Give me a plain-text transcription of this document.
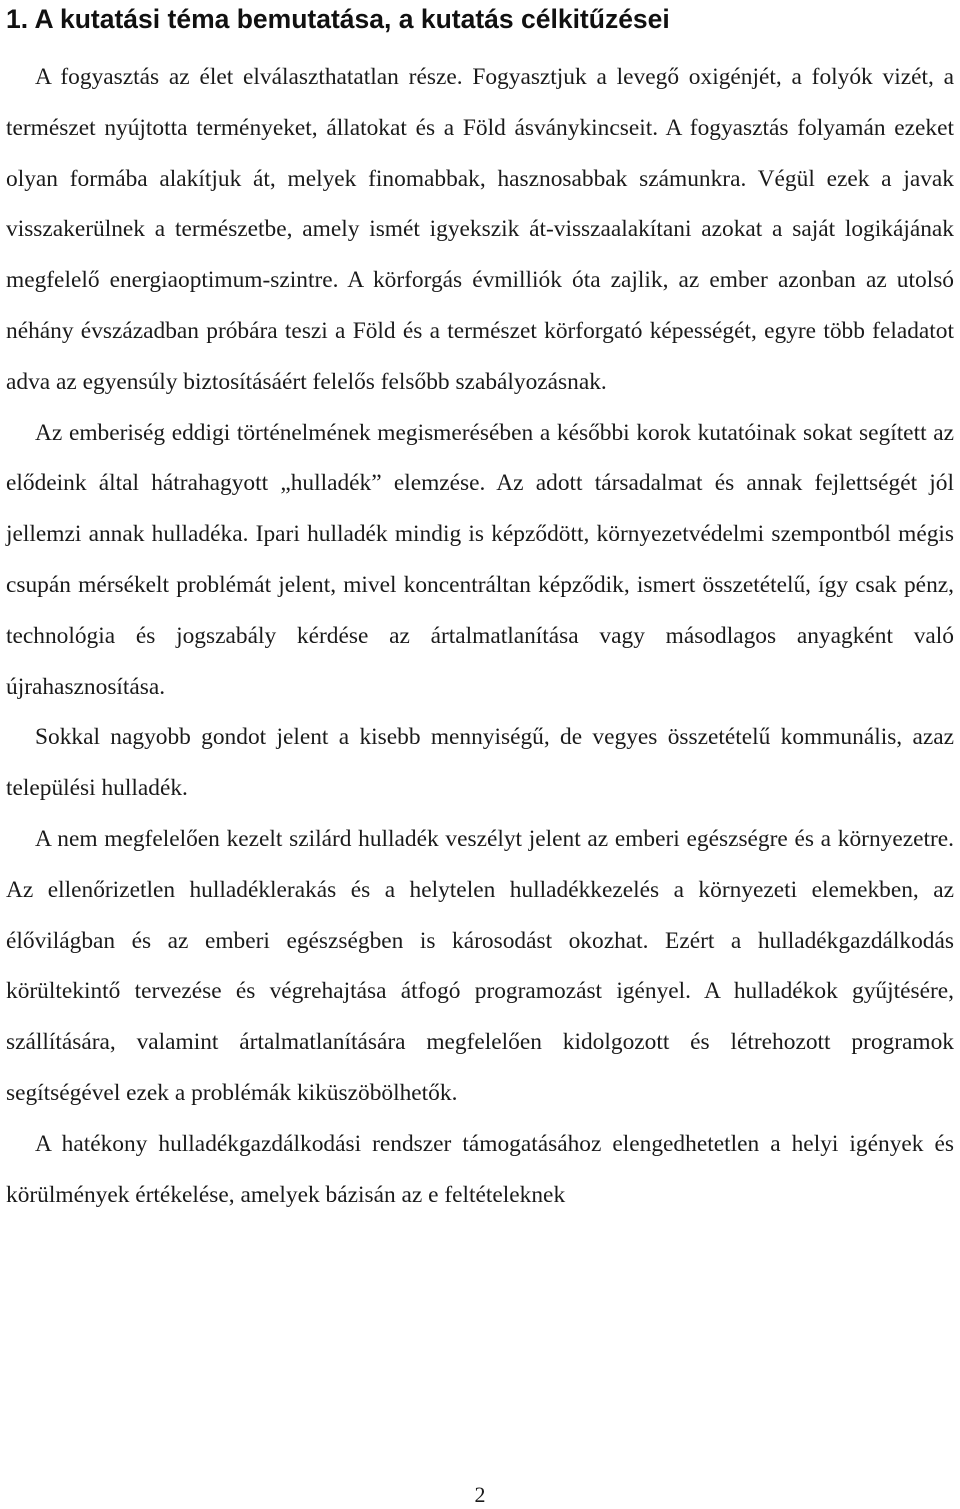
1. A kutatási téma bemutatása, a kutatás célkitűzései

A fogyasztás az élet elválaszthatatlan része. Fogyasztjuk a levegő oxigénjét, a folyók vizét, a természet nyújtotta terményeket, állatokat és a Föld ásványkincseit. A fogyasztás folyamán ezeket olyan formába alakítjuk át, melyek finomabbak, hasznosabbak számunkra. Végül ezek a javak visszakerülnek a természetbe, amely ismét igyekszik át-visszaalakítani azokat a saját logikájának megfelelő energiaoptimum-szintre. A körforgás évmilliók óta zajlik, az ember azonban az utolsó néhány évszázadban próbára teszi a Föld és a természet körforgató képességét, egyre több feladatot adva az egyensúly biztosításáért felelős felsőbb szabályozásnak.

Az emberiség eddigi történelmének megismerésében a későbbi korok kutatóinak sokat segített az elődeink által hátrahagyott „hulladék” elemzése. Az adott társadalmat és annak fejlettségét jól jellemzi annak hulladéka. Ipari hulladék mindig is képződött, környezetvédelmi szempontból mégis csupán mérsékelt problémát jelent, mivel koncentráltan képződik, ismert összetételű, így csak pénz, technológia és jogszabály kérdése az ártalmatlanítása vagy másodlagos anyagként való újrahasznosítása.

Sokkal nagyobb gondot jelent a kisebb mennyiségű, de vegyes összetételű kommunális, azaz települési hulladék.

A nem megfelelően kezelt szilárd hulladék veszélyt jelent az emberi egészségre és a környezetre. Az ellenőrizetlen hulladéklerakás és a helytelen hulladékkezelés a környezeti elemekben, az élővilágban és az emberi egészségben is károsodást okozhat. Ezért a hulladékgazdálkodás körültekintő tervezése és végrehajtása átfogó programozást igényel. A hulladékok gyűjtésére, szállítására, valamint ártalmatlanítására megfelelően kidolgozott és létrehozott programok segítségével ezek a problémák kiküszöbölhetők.

A hatékony hulladékgazdálkodási rendszer támogatásához elengedhetetlen a helyi igények és körülmények értékelése, amelyek bázisán az e feltételeknek

2
